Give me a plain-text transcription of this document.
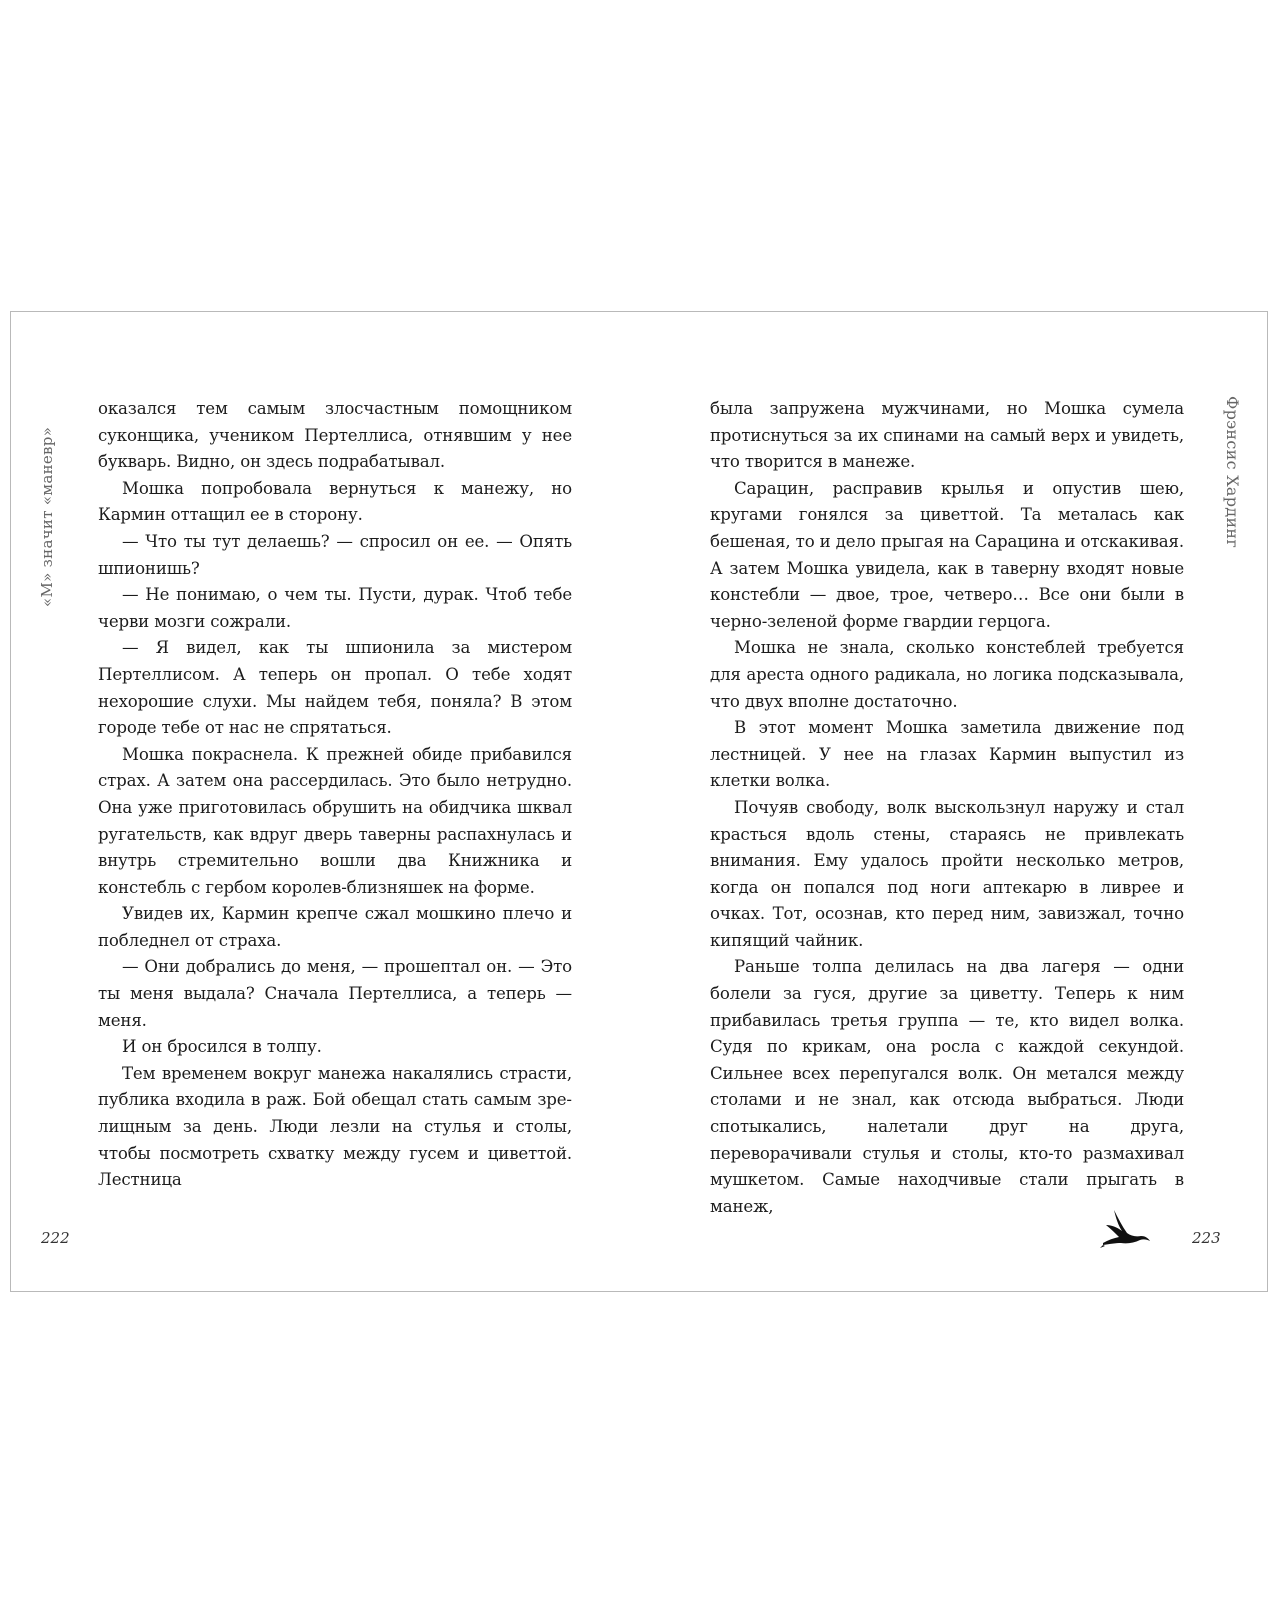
«М» значит «маневр»

оказался тем самым злосчастным помощником суконщика, учеником Пертеллиса, отнявшим у нее букварь. Видно, он здесь подрабатывал.

Мошка попробовала вернуться к манежу, но Кармин оттащил ее в сторону.

— Что ты тут делаешь? — спросил он ее. — Опять шпионишь?

— Не понимаю, о чем ты. Пусти, дурак. Чтоб тебе черви мозги сожрали.

— Я видел, как ты шпионила за мистером Пертеллисом. А теперь он пропал. О тебе ходят нехорошие слухи. Мы найдем тебя, поняла? В этом городе тебе от нас не спрятаться.

Мошка покраснела. К прежней обиде прибавился страх. А затем она рассердилась. Это было нетрудно. Она уже приготовилась обрушить на обидчика шквал ругательств, как вдруг дверь таверны распахнулась и внутрь стремительно вошли два Книжника и констебль с гербом королев-близняшек на форме.

Увидев их, Кармин крепче сжал мошкино плечо и побледнел от страха.

— Они добрались до меня, — прошептал он. — Это ты меня выдала? Сначала Пертеллиса, а теперь — меня.

И он бросился в толпу.

Тем временем вокруг манежа накалялись страсти, публика входила в раж. Бой обещал стать самым зрелищным за день. Люди лезли на стулья и столы, чтобы посмотреть схватку между гусем и циветтой. Лестница

222

была запружена мужчинами, но Мошка сумела протиснуться за их спинами на самый верх и увидеть, что творится в манеже.

Сарацин, расправив крылья и опустив шею, кругами гонялся за циветтой. Та металась как бешеная, то и дело прыгая на Сарацина и отскакивая. А затем Мошка увидела, как в таверну входят новые констебли — двое, трое, четверо… Все они были в черно-зеленой форме гвардии герцога.

Мошка не знала, сколько констеблей требуется для ареста одного радикала, но логика подсказывала, что двух вполне достаточно.

В этот момент Мошка заметила движение под лестницей. У нее на глазах Кармин выпустил из клетки волка.

Почуяв свободу, волк выскользнул наружу и стал красться вдоль стены, стараясь не привлекать внимания. Ему удалось пройти несколько метров, когда он попался под ноги аптекарю в ливрее и очках. Тот, осознав, кто перед ним, завизжал, точно кипящий чайник.

Раньше толпа делилась на два лагеря — одни болели за гуся, другие за циветту. Теперь к ним прибавилась третья группа — те, кто видел волка. Судя по крикам, она росла с каждой секундой. Сильнее всех перепугался волк. Он метался между столами и не знал, как отсюда выбраться. Люди спотыкались, налетали друг на друга, переворачивали стулья и столы, кто-то размахивал мушкетом. Самые находчивые стали прыгать в манеж,

Фрэнсис Хардинг
223
